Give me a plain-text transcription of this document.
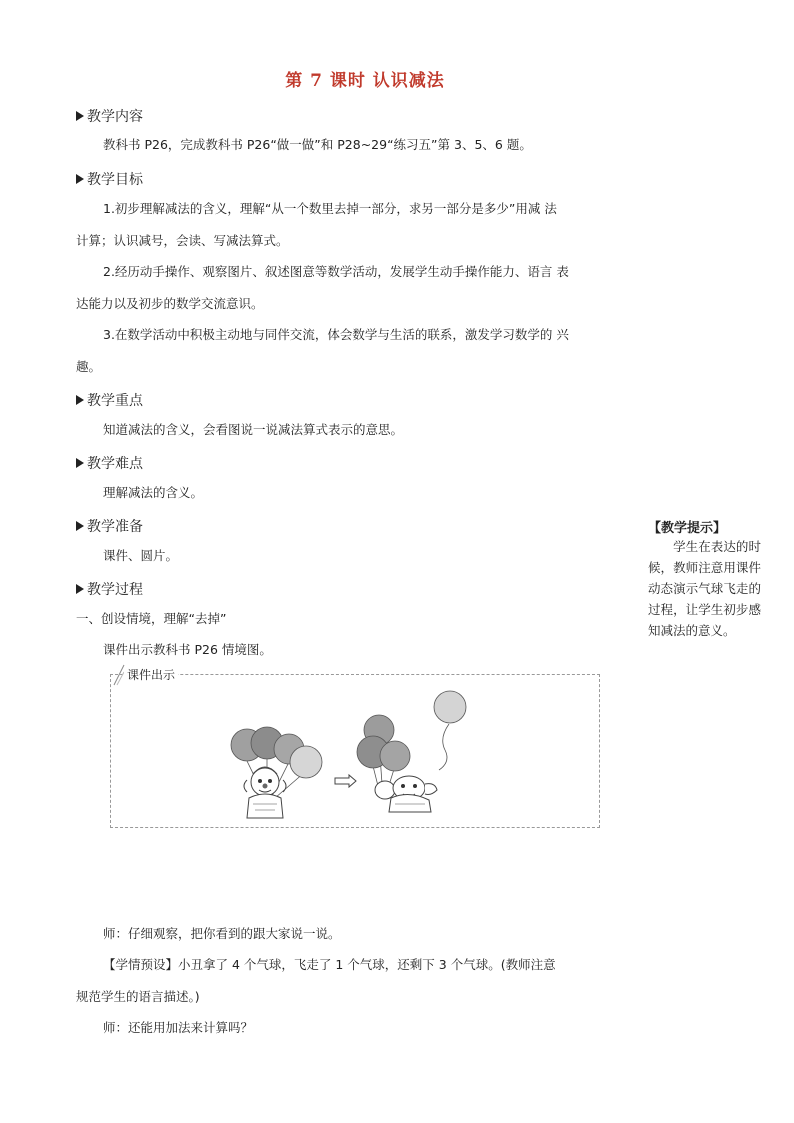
第 7 课时 认识减法
教学内容
教科书 P26，完成教科书 P26“做一做”和 P28~29“练习五”第 3、5、6 题。
教学目标
1.初步理解减法的含义，理解“从一个数里去掉一部分，求另一部分是多少”用减 法
计算；认识减号，会读、写减法算式。
2.经历动手操作、观察图片、叙述图意等数学活动，发展学生动手操作能力、语言 表
达能力以及初步的数学交流意识。
3.在数学活动中积极主动地与同伴交流，体会数学与生活的联系，激发学习数学的 兴
趣。
教学重点
知道减法的含义，会看图说一说减法算式表示的意思。
教学难点
理解减法的含义。
教学准备
课件、圆片。
教学过程
一、创设情境，理解“去掉”
课件出示教科书 P26 情境图。
课件出示
师：仔细观察，把你看到的跟大家说一说。
【学情预设】小丑拿了 4 个气球，飞走了 1 个气球，还剩下 3 个气球。(教师注意
规范学生的语言描述。)
师：还能用加法来计算吗？
【教学提示】
　　学生在表达的时候，教师注意用课件动态演示气球飞走的过程，让学生初步感知减法的意义。
